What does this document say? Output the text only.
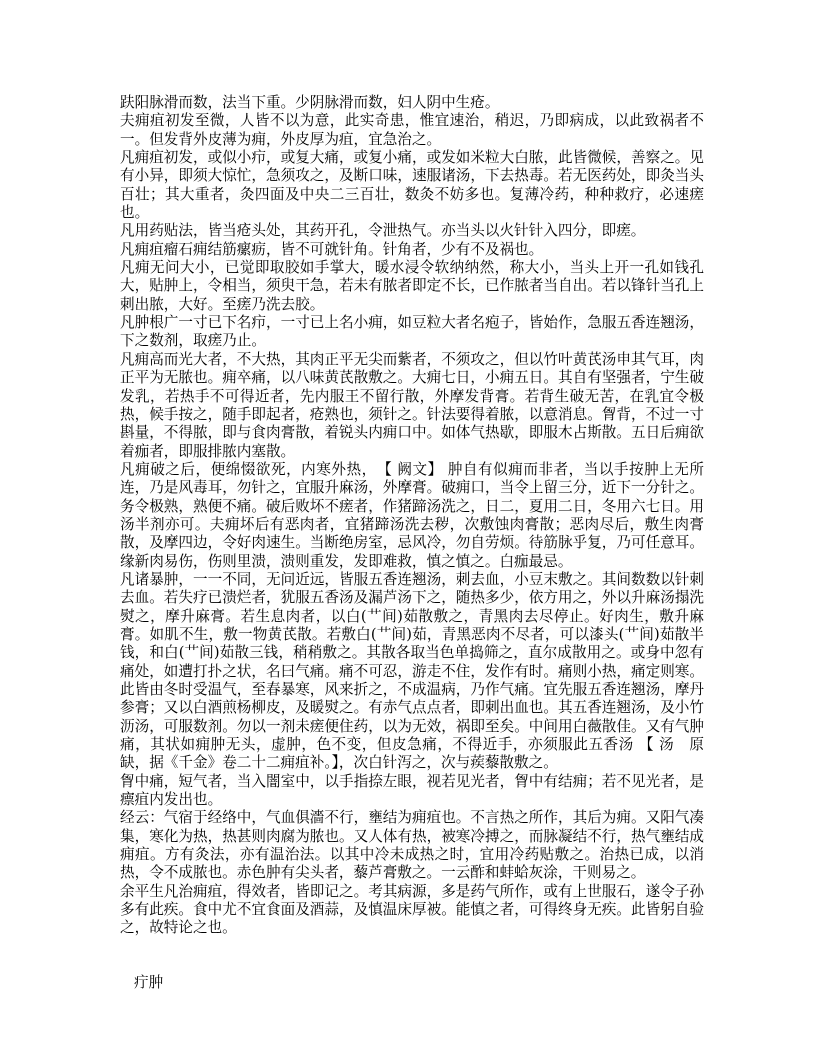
趺阳脉滑而数，法当下重。少阴脉滑而数，妇人阴中生疮。

夫痈疽初发至微，人皆不以为意，此实奇患，惟宜速治，稍迟，乃即病成，以此致祸者不一。但发背外皮薄为痈，外皮厚为疽，宜急治之。

凡痈疽初发，或似小疖，或复大痛，或复小痛，或发如米粒大白脓，此皆微候，善察之。见有小异，即须大惊忙，急须攻之，及断口味，速服诸汤，下去热毒。若无医药处，即灸当头百壮；其大重者，灸四面及中央二三百壮，数灸不妨多也。复薄冷药，种种救疗，必速瘥也。

凡用药贴法，皆当疮头处，其药开孔，令泄热气。亦当头以火针针入四分，即瘥。

凡痈疽瘤石痈结筋瘰疬，皆不可就针角。针角者，少有不及祸也。

凡痈无问大小，已觉即取胶如手掌大，暖水浸令软纳纳然，称大小，当头上开一孔如钱孔大，贴肿上，令相当，须臾干急，若未有脓者即定不长，已作脓者当自出。若以锋针当孔上刺出脓，大好。至瘥乃洗去胶。

凡肿根广一寸已下名疖，一寸已上名小痈，如豆粒大者名疱子，皆始作，急服五香连翘汤，下之数剂，取瘥乃止。

凡痈高而光大者，不大热，其肉正平无尖而紫者，不须攻之，但以竹叶黄芪汤申其气耳，肉正平为无脓也。痈卒痛，以八味黄芪散敷之。大痈七日，小痈五日。其自有坚强者，宁生破发乳，若热手不可得近者，先内服王不留行散，外摩发背膏。若背生破无苦，在乳宜令极热，候手按之，随手即起者，疮熟也，须针之。针法要得着脓，以意消息。胷背，不过一寸斟量，不得脓，即与食肉膏散，着锐头内痈口中。如体气热歇，即服木占斯散。五日后痈欲着痂者，即服排脓内塞散。

凡痈破之后，便绵惙欲死，内寒外热，　【 阙文】 肿自有似痈而非者，当以手按肿上无所连，乃是风毒耳，勿针之，宜服升麻汤，外摩膏。破痈口，当令上留三分，近下一分针之。务令极熟，熟便不痛。破后败坏不瘥者，作猪蹄汤洗之，日二，夏用二日，冬用六七日。用汤半剂亦可。夫痈坏后有恶肉者，宜猪蹄汤洗去秽，次敷蚀肉膏散；恶肉尽后，敷生肉膏散，及摩四边，令好肉速生。当断绝房室，忌风冷，勿自劳烦。待筋脉乎复，乃可任意耳。缘新肉易伤，伤则里溃，溃则重发，发即难救，慎之慎之。白痂最忌。

凡诸暴肿，一一不同，无问近远，皆服五香连翘汤，刺去血，小豆末敷之。其间数数以针刺去血。若失疗已溃烂者，犹服五香汤及漏芦汤下之，随热多少，依方用之，外以升麻汤搨洗熨之，摩升麻膏。若生息肉者，以白(艹间)茹散敷之，青黑肉去尽停止。好肉生，敷升麻膏。如肌不生，敷一物黄芪散。若敷白(艹间)茹，青黑恶肉不尽者，可以漆头(艹间)茹散半钱，和白(艹间)茹散三钱，稍稍敷之。其散各取当色单捣筛之，直尔成散用之。或身中忽有痛处，如遭打扑之状，名曰气痛。痛不可忍，游走不住，发作有时。痛则小热，痛定则寒。此皆由冬时受温气，至春暴寒，风来折之，不成温病，乃作气痛。宜先服五香连翘汤，摩丹参膏；又以白酒煎杨柳皮，及暖熨之。有赤气点点者，即刺出血也。其五香连翘汤，及小竹沥汤，可服数剂。勿以一剂未瘥便住药，以为无效，祸即至矣。中间用白薇散佳。又有气肿痛，其状如痈肿无头，虚肿，色不变，但皮急痛，不得近手，亦须服此五香汤 【 汤　原缺，据《千金》卷二十二痈疽补。】，次白针泻之，次与蒺藜散敷之。

胷中痛，短气者，当入闇室中，以手指捺左眼，视若见光者，胷中有结痈；若不见光者，是瘭疽内发出也。

经云：气宿于经络中，气血俱濇不行，壅结为痈疽也。不言热之所作，其后为痈。又阳气凑集，寒化为热，热甚则肉腐为脓也。又人体有热，被寒冷搏之，而脉凝结不行，热气壅结成痈疽。方有灸法，亦有温治法。以其中冷未成热之时，宜用冷药贴敷之。治热已成，以消热，令不成脓也。赤色肿有尖头者，藜芦膏敷之。一云酢和蚌蛤灰涂，干则易之。

余平生凡治痈疽，得效者，皆即记之。考其病源，多是药气所作，或有上世服石，遂令子孙多有此疾。食中尤不宜食面及酒蒜，及慎温床厚被。能慎之者，可得终身无疾。此皆躬自验之，故特论之也。

疔肿
